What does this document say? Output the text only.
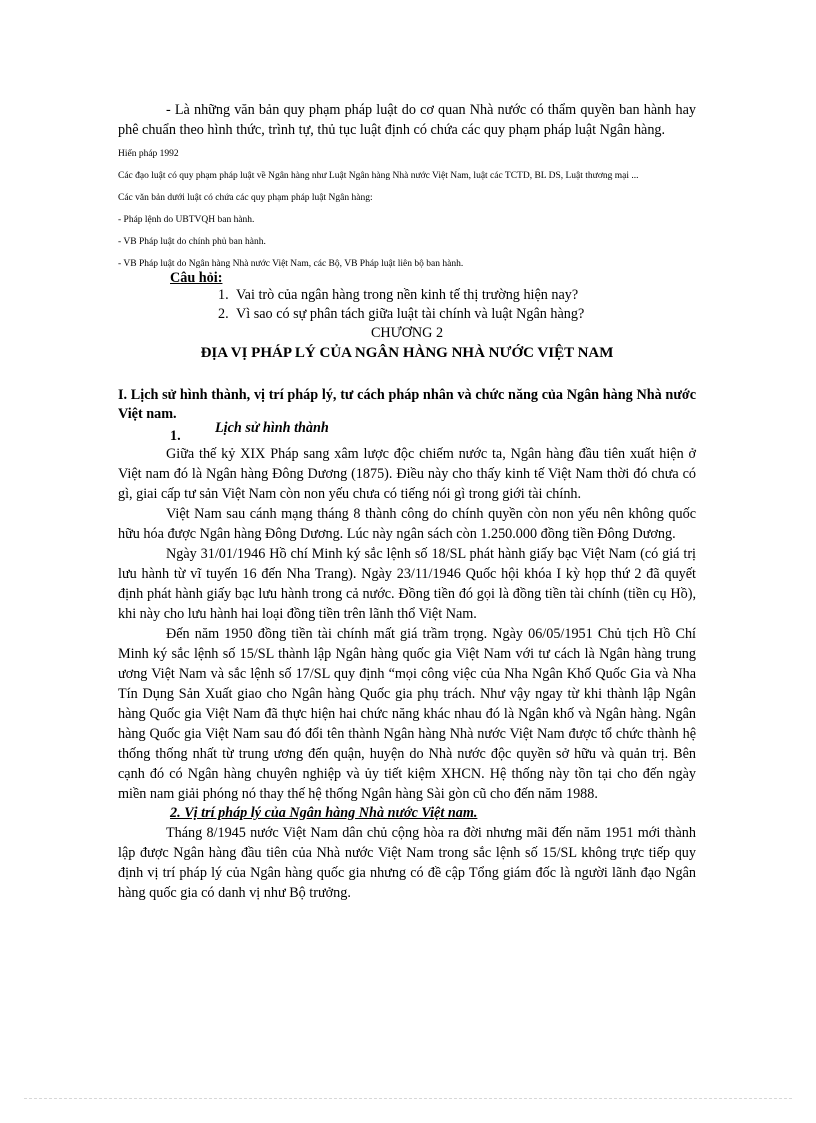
- Là những văn bản quy phạm pháp luật do cơ quan Nhà nước có thẩm quyền ban hành hay phê chuẩn theo hình thức, trình tự, thủ tục luật định có chứa các quy phạm pháp luật Ngân hàng.

Hiến pháp 1992

Các đạo luật có quy phạm pháp luật về Ngân hàng như Luật Ngân hàng Nhà nước Việt Nam, luật các TCTD, BL DS, Luật thương mại ...

Các văn bản dưới luật có chứa các quy phạm pháp luật Ngân hàng:

- Pháp lệnh do UBTVQH ban hành.

- VB Pháp luật do chính phủ ban hành.

- VB Pháp luật do Ngân hàng Nhà nước Việt Nam, các Bộ, VB Pháp luật liên bộ ban hành.

Câu hỏi:

1. Vai trò của ngân hàng trong nền kinh tế thị trường hiện nay?
2. Vì sao có sự phân tách giữa luật tài chính và luật Ngân hàng?

CHƯƠNG 2

ĐỊA VỊ PHÁP LÝ CỦA NGÂN HÀNG NHÀ NƯỚC VIỆT NAM

I. Lịch sử hình thành, vị trí pháp lý, tư cách pháp nhân và chức năng của Ngân hàng Nhà nước Việt nam.

1. Lịch sử hình thành

Giữa thế kỷ XIX Pháp sang xâm lược độc chiếm nước ta, Ngân hàng đầu tiên xuất hiện ở Việt nam đó là Ngân hàng Đông Dương (1875). Điều này cho thấy kinh tế Việt Nam thời đó chưa có gì, giai cấp tư sản Việt Nam còn non yếu chưa có tiếng nói gì trong giới tài chính.

Việt Nam sau cánh mạng tháng 8 thành công do chính quyền còn non yếu nên không quốc hữu hóa được Ngân hàng Đông Dương. Lúc này ngân sách còn 1.250.000 đồng tiền Đông Dương.

Ngày 31/01/1946 Hồ chí Minh ký sắc lệnh số 18/SL phát hành giấy bạc Việt Nam (có giá trị lưu hành từ vĩ tuyến 16 đến Nha Trang). Ngày 23/11/1946 Quốc hội khóa I kỳ họp thứ 2 đã quyết định phát hành giấy bạc lưu hành trong cả nước. Đồng tiền đó gọi là đồng tiền tài chính (tiền cụ Hồ), khi này cho lưu hành hai loại đồng tiền trên lãnh thổ Việt Nam.

Đến năm 1950 đồng tiền tài chính mất giá trầm trọng. Ngày 06/05/1951 Chủ tịch Hồ Chí Minh ký sắc lệnh số 15/SL thành lập Ngân hàng quốc gia Việt Nam với tư cách là Ngân hàng trung ương Việt Nam và sắc lệnh số 17/SL quy định “mọi công việc của Nha Ngân Khố Quốc Gia và Nha Tín Dụng Sản Xuất giao cho Ngân hàng Quốc gia phụ trách. Như vậy ngay từ khi thành lập Ngân hàng Quốc gia Việt Nam đã thực hiện hai chức năng khác nhau đó là Ngân khố và Ngân hàng. Ngân hàng Quốc gia Việt Nam sau đó đổi tên thành Ngân hàng Nhà nước Việt Nam được tổ chức thành hệ thống thống nhất từ trung ương đến quận, huyện do Nhà nước độc quyền sở hữu và quản trị. Bên cạnh đó có Ngân hàng chuyên nghiệp và ủy tiết kiệm XHCN. Hệ thống này tồn tại cho đến ngày miền nam giải phóng nó thay thế hệ thống Ngân hàng Sài gòn cũ cho đến năm 1988.

2. Vị trí pháp lý của Ngân hàng Nhà nước Việt nam.

Tháng 8/1945 nước Việt Nam dân chủ cộng hòa ra đời nhưng mãi đến năm 1951 mới thành lập được Ngân hàng đầu tiên của Nhà nước Việt Nam trong sắc lệnh số 15/SL không trực tiếp quy định vị trí pháp lý của Ngân hàng quốc gia nhưng có đề cập Tổng giám đốc là người lãnh đạo Ngân hàng quốc gia có danh vị như Bộ trưởng.
